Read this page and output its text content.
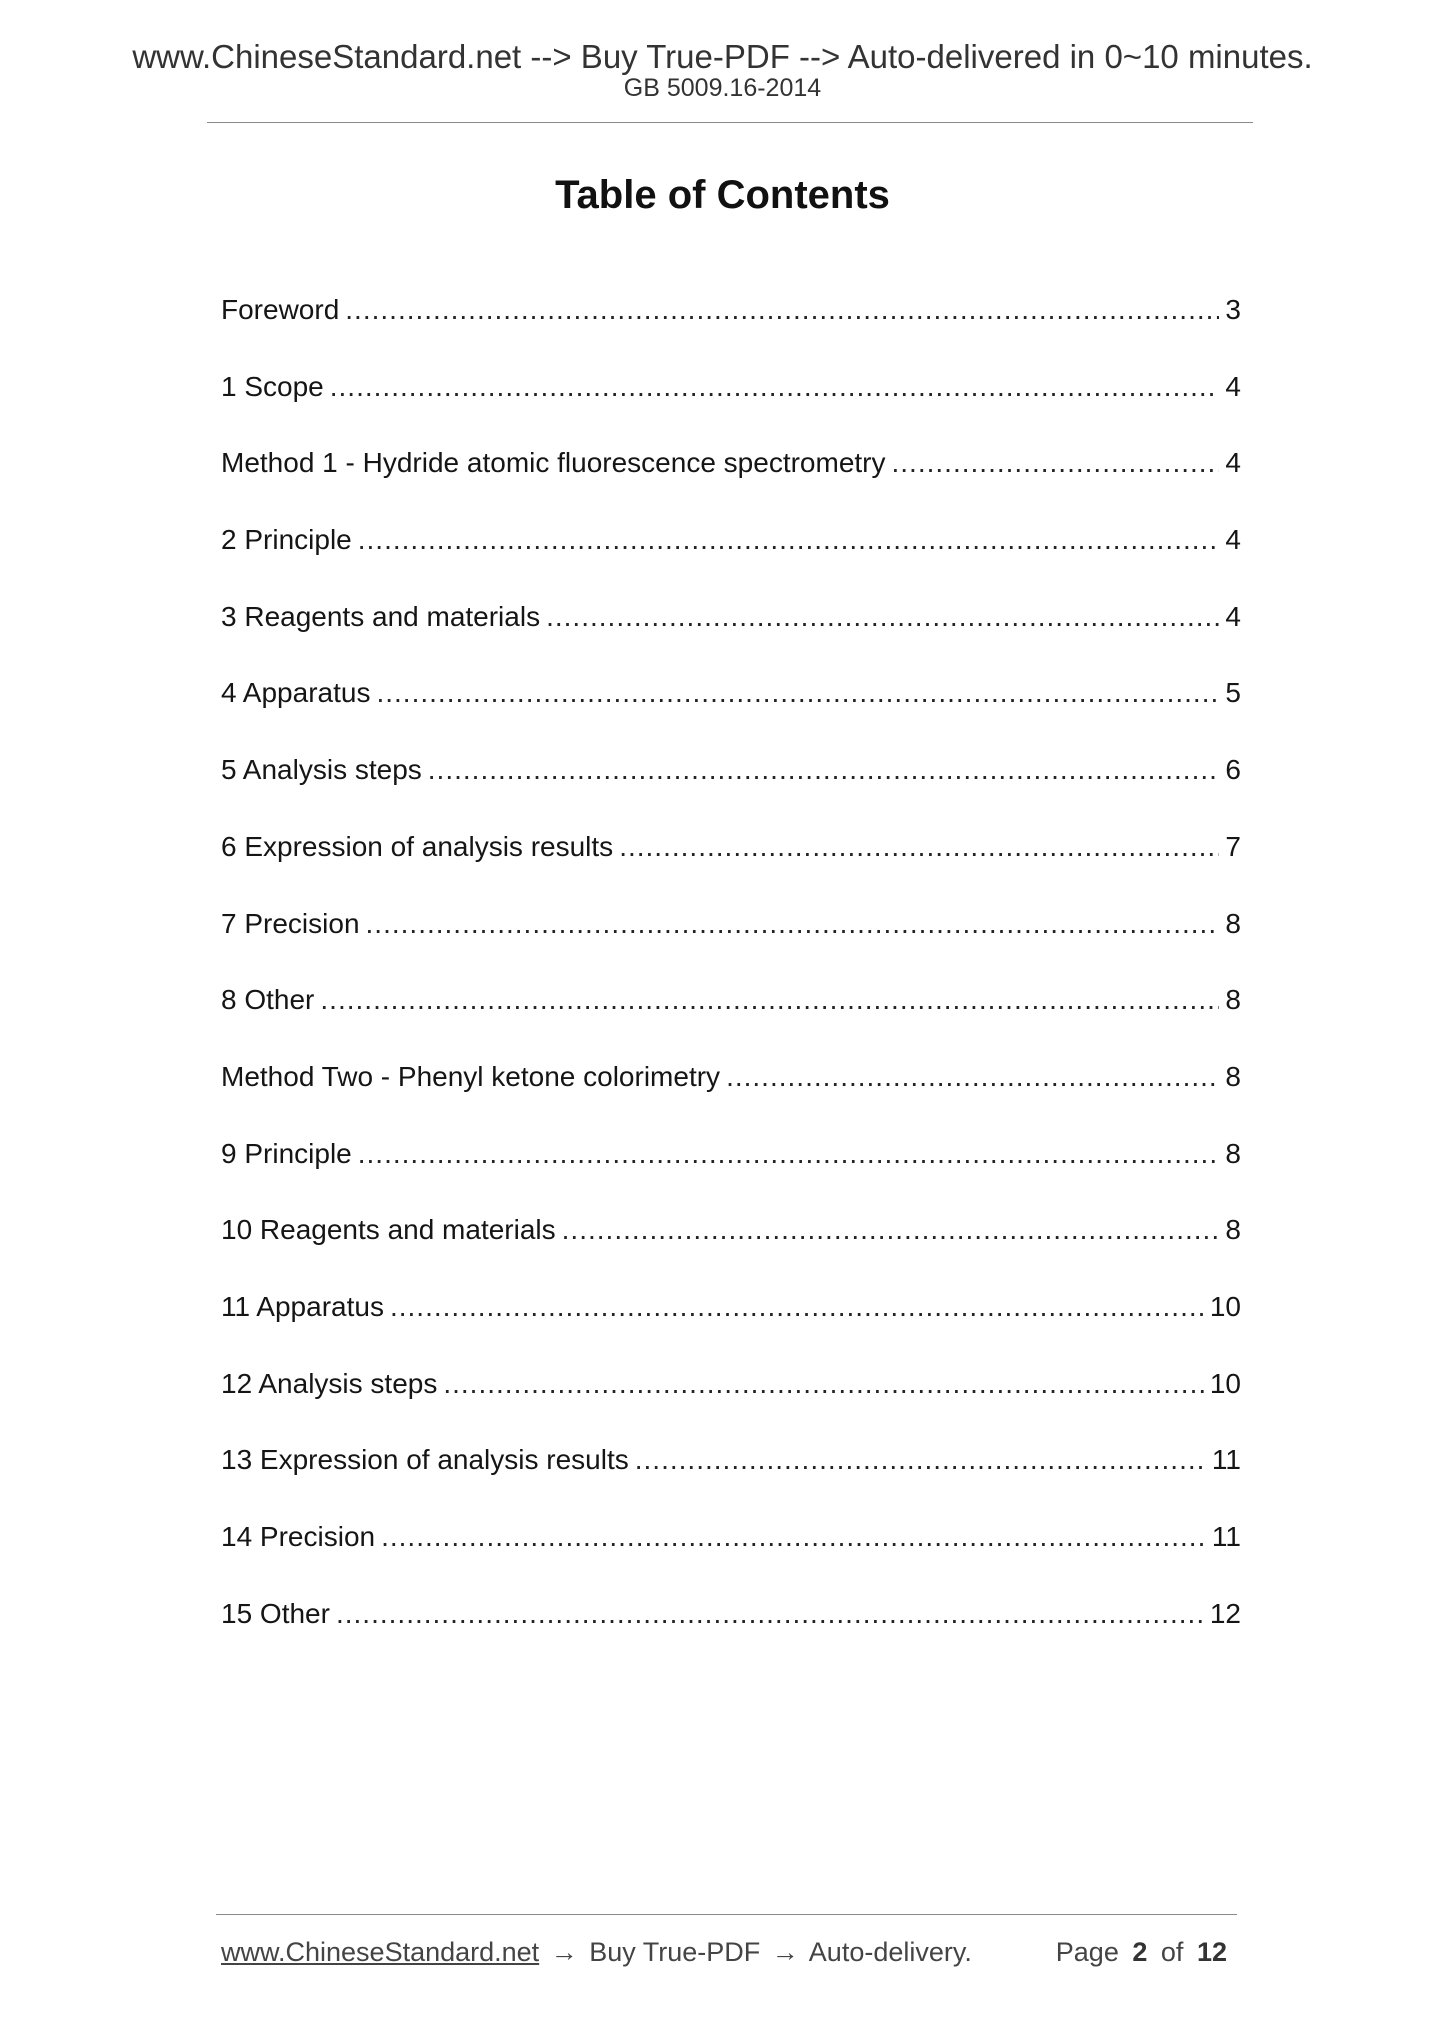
www.ChineseStandard.net --> Buy True-PDF --> Auto-delivered in 0~10 minutes.
GB 5009.16-2014
Table of Contents
Foreword .....	3
1 Scope .....	4
Method 1 - Hydride atomic fluorescence spectrometry .....	4
2 Principle .....	4
3 Reagents and materials .....	4
4 Apparatus .....	5
5 Analysis steps .....	6
6 Expression of analysis results .....	7
7 Precision .....	8
8 Other .....	8
Method Two - Phenyl ketone colorimetry .....	8
9 Principle .....	8
10 Reagents and materials .....	8
11 Apparatus .....	10
12 Analysis steps .....	10
13 Expression of analysis results .....	11
14 Precision .....	11
15 Other .....	12
www.ChineseStandard.net → Buy True-PDF → Auto-delivery.	Page 2 of 12
